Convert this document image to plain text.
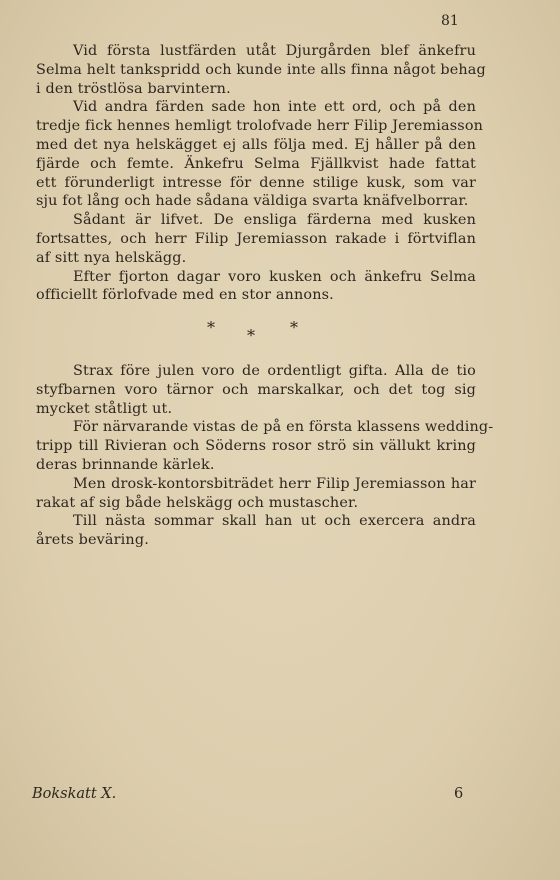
81
Vid första lustfärden utåt Djurgården blef änkefru
Selma helt tankspridd och kunde inte alls finna något behag
i den tröstlösa barvintern.
Vid andra färden sade hon inte ett ord, och på den
tredje fick hennes hemligt trolofvade herr Filip Jeremiasson
med det nya helskägget ej alls följa med. Ej håller på den
fjärde och femte. Änkefru Selma Fjällkvist hade fattat
ett förunderligt intresse för denne stilige kusk, som var
sju fot lång och hade sådana väldiga svarta knäfvelborrar.
Sådant är lifvet. De ensliga färderna med kusken
fortsattes, och herr Filip Jeremiasson rakade i förtviflan
af sitt nya helskägg.
Efter fjorton dagar voro kusken och änkefru Selma
officiellt förlofvade med en stor annons.
* * *
Strax före julen voro de ordentligt gifta. Alla de tio
styfbarnen voro tärnor och marskalkar, och det tog sig
mycket ståtligt ut.
För närvarande vistas de på en första klassens wedding-
tripp till Rivieran och Söderns rosor strö sin vällukt kring
deras brinnande kärlek.
Men drosk-kontorsbiträdet herr Filip Jeremiasson har
rakat af sig både helskägg och mustascher.
Till nästa sommar skall han ut och exercera andra
årets beväring.
Bokskatt X.	6
